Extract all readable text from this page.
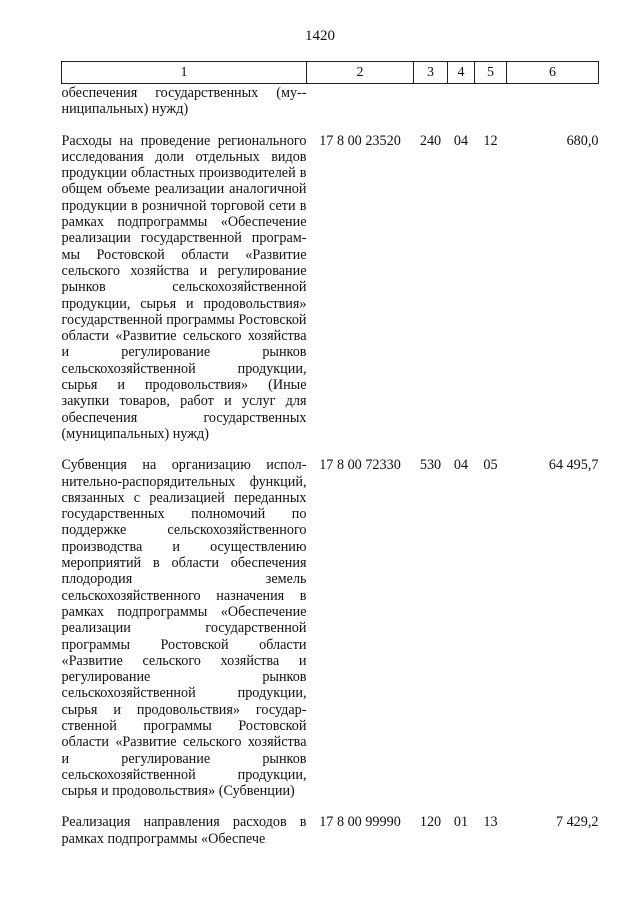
1420
1	2	3	4	5	6
обеспечения государственных (му-ниципальных) нужд)					
Расходы на проведение регионального исследования доли отдельных видов продукции областных производителей в общем объеме реализации аналогичной продукции в розничной торговой сети в рамках подпрограммы «Обеспечение реализации государственной программы Ростовской области «Развитие сельского хозяйства и регулирование рынков сельскохозяйственной продукции, сырья и продовольствия» государственной программы Ростовской области «Развитие сельского хозяйства и регулирование рынков сельскохозяйственной продукции, сырья и продовольствия» (Иные закупки товаров, работ и услуг для обеспечения государственных (муниципальных) нужд)	17 8 00 23520	240	04	12	680,0
Субвенция на организацию исполнительно-распорядительных функций, связанных с реализацией переданных государственных полномочий по поддержке сельскохозяйственного производства и осуществлению мероприятий в области обеспечения плодородия земель сельскохозяйственного назначения в рамках подпрограммы «Обеспечение реализации государственной программы Ростовской области «Развитие сельского хозяйства и регулирование рынков сельскохозяйственной продукции, сырья и продовольствия» государственной программы Ростовской области «Развитие сельского хозяйства и регулирование рынков сельскохозяйственной продукции, сырья и продовольствия» (Субвенции)	17 8 00 72330	530	04	05	64 495,7
Реализация направления расходов в рамках подпрограммы «Обеспече	17 8 00 99990	120	01	13	7 429,2
